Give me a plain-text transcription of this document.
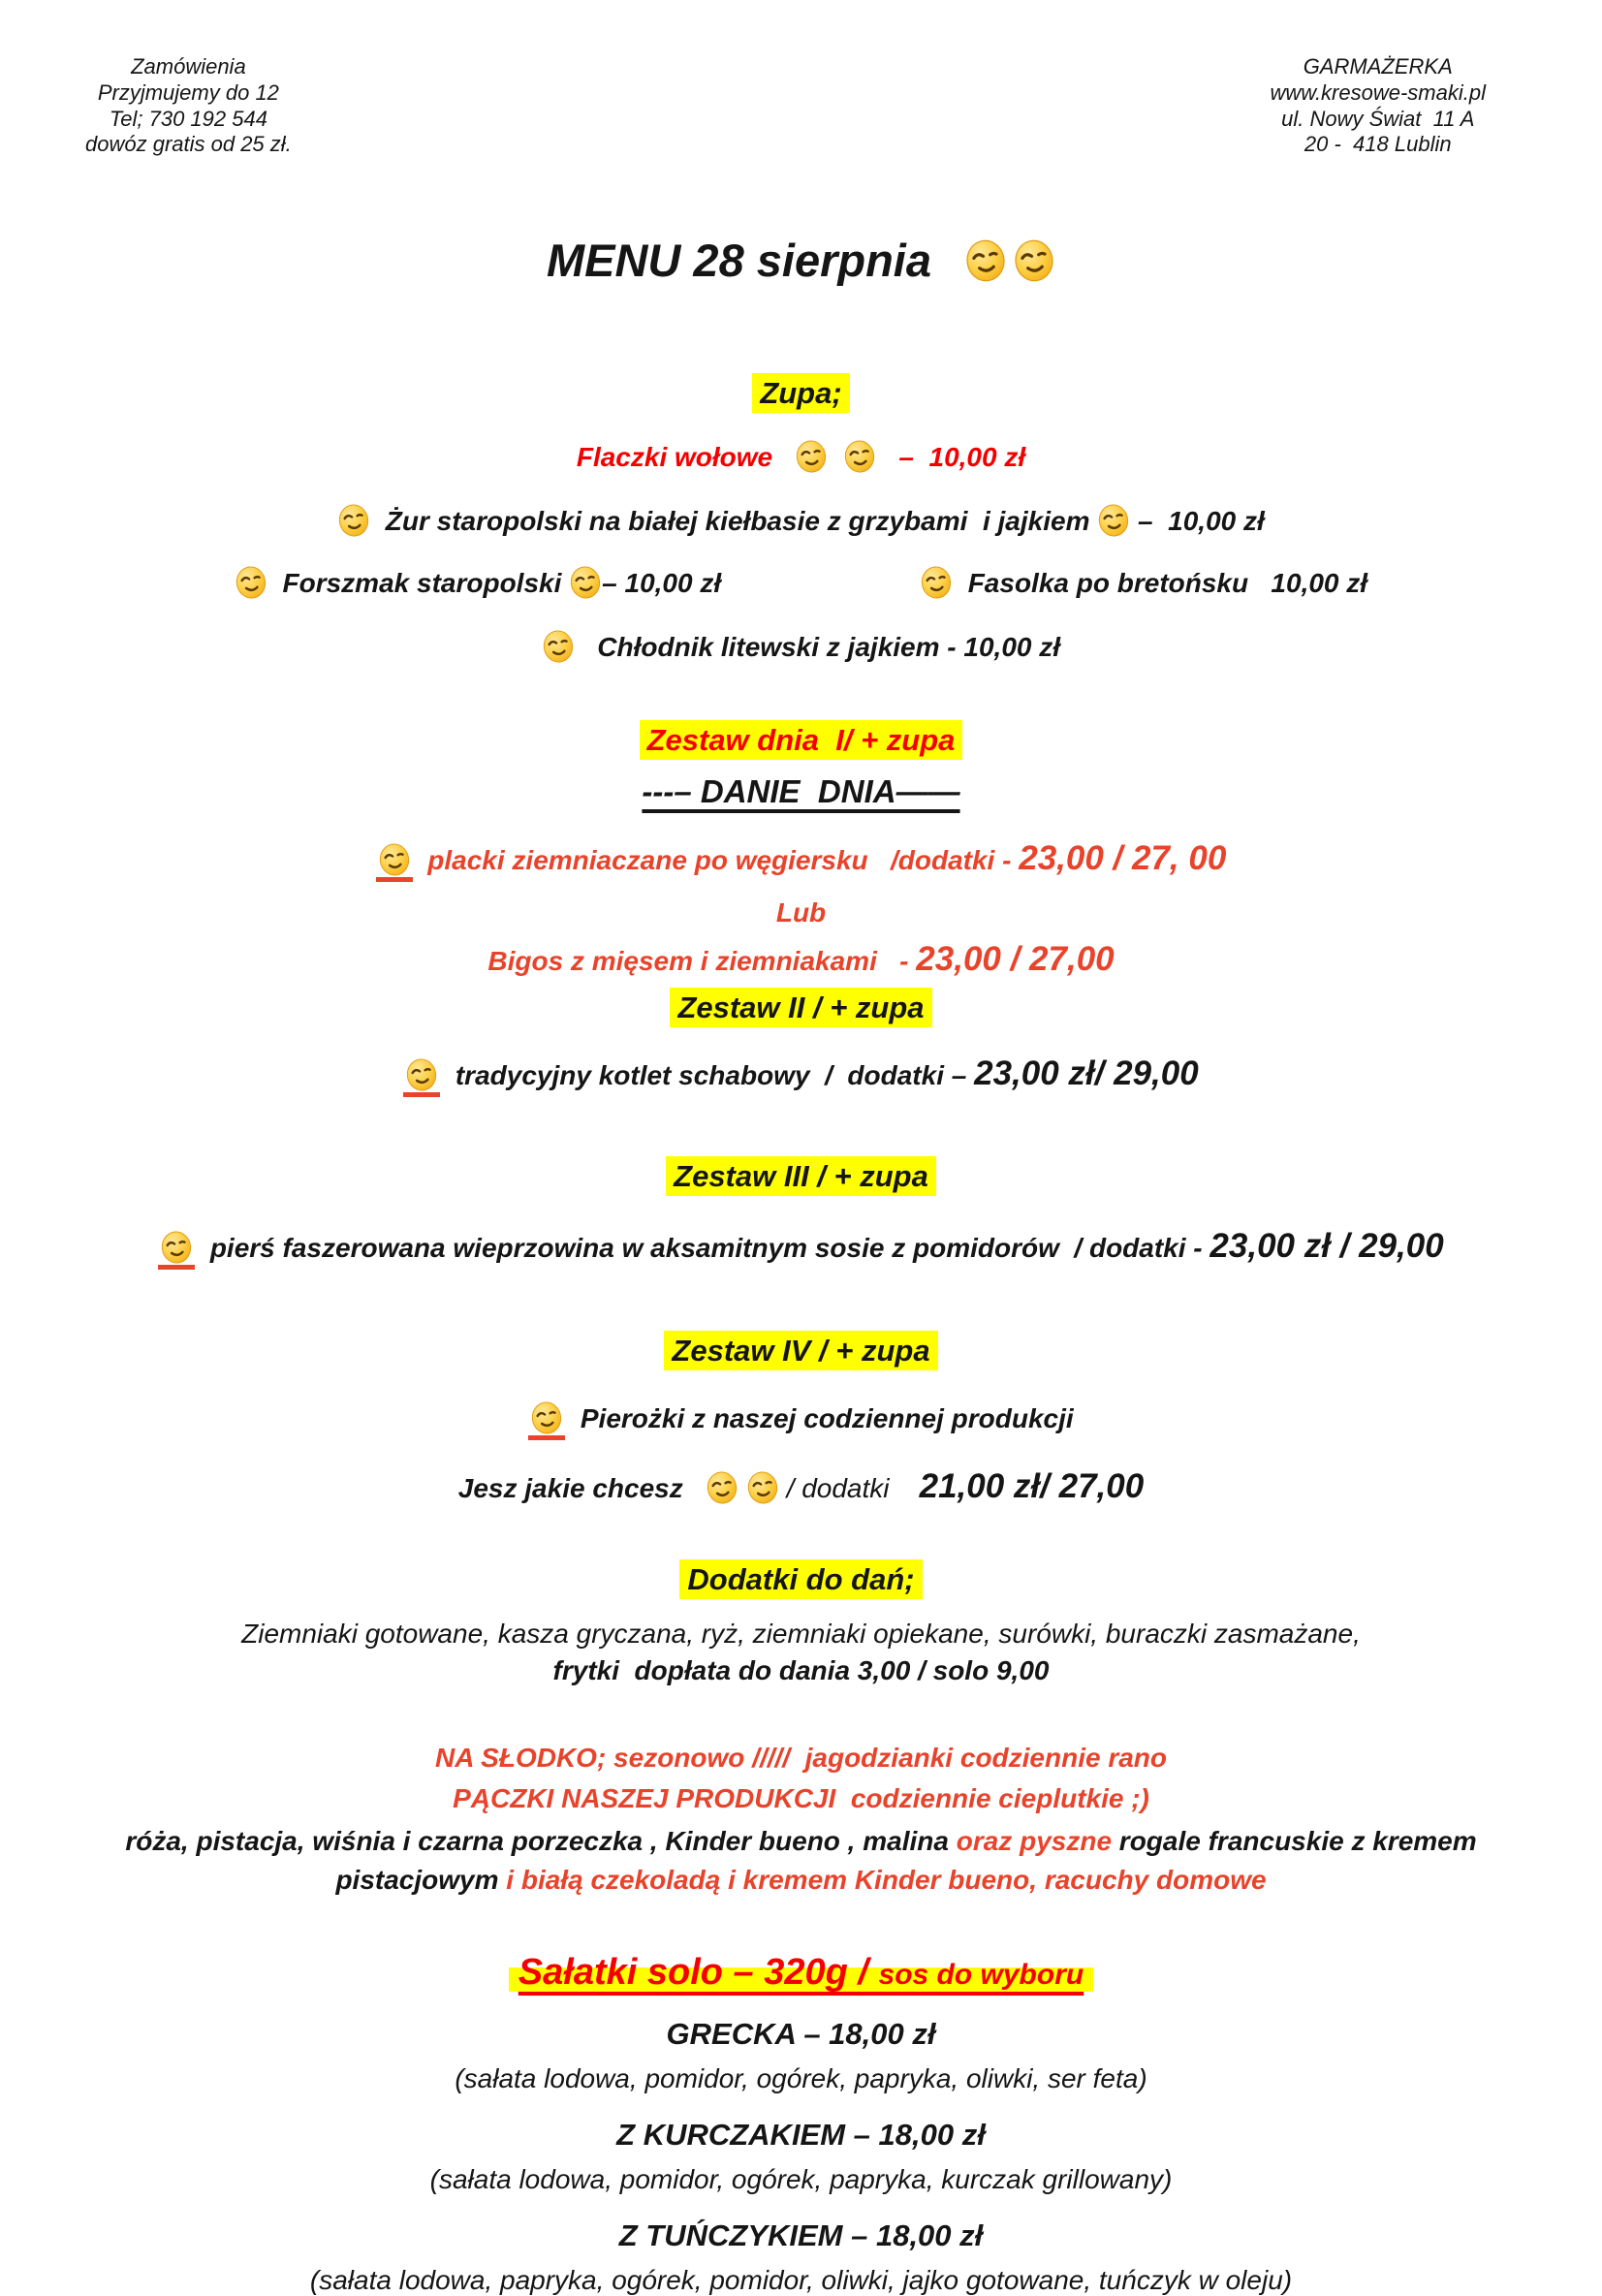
Zamówienia
Przyjmujemy do 12
Tel; 730 192 544
dowóz gratis od 25 zł.
GARMAŻERKA
www.kresowe-smaki.pl
ul. Nowy Świat  11 A
20 -  418 Lublin
MENU 28 sierpnia
Zupa;
Flaczki wołowe	–  10,00 zł
Żur staropolski na białej kiełbasie z grzybami  i jajkiem –  10,00 zł
Forszmak staropolski – 10,00 zł	Fasolka po bretońsku   10,00 zł
Chłodnik litewski z jajkiem - 10,00 zł
Zestaw dnia  I/ + zupa
---– DANIE  DNIA——
placki ziemniaczane po węgiersku /dodatki - 23,00 / 27, 00
Lub
Bigos z mięsem i ziemniakami   - 23,00 / 27,00
Zestaw II / + zupa
tradycyjny kotlet schabowy  /  dodatki – 23,00 zł/ 29,00
Zestaw III / + zupa
pierś faszerowana wieprzowina w aksamitnym sosie z pomidorów  / dodatki - 23,00 zł / 29,00
Zestaw IV / + zupa
Pierożki z naszej codziennej produkcji
Jesz jakie chcesz	/ dodatki 21,00 zł/ 27,00
Dodatki do dań;
Ziemniaki gotowane, kasza gryczana, ryż, ziemniaki opiekane, surówki, buraczki zasmażane,
frytki  dopłata do dania 3,00 / solo 9,00
NA SŁODKO; sezonowo /////  jagodzianki codziennie rano
PĄCZKI NASZEJ PRODUKCJI  codziennie cieplutkie ;)
róża, pistacja, wiśnia i czarna porzeczka , Kinder bueno , malina oraz pyszne rogale francuskie z kremem
pistacjowym i białą czekoladą i kremem Kinder bueno, racuchy domowe
Sałatki solo – 320g / sos do wyboru
GRECKA – 18,00 zł
(sałata lodowa, pomidor, ogórek, papryka, oliwki, ser feta)
Z KURCZAKIEM – 18,00 zł
(sałata lodowa, pomidor, ogórek, papryka, kurczak grillowany)
Z TUŃCZYKIEM – 18,00 zł
(sałata lodowa, papryka, ogórek, pomidor, oliwki, jajko gotowane, tuńczyk w oleju)
